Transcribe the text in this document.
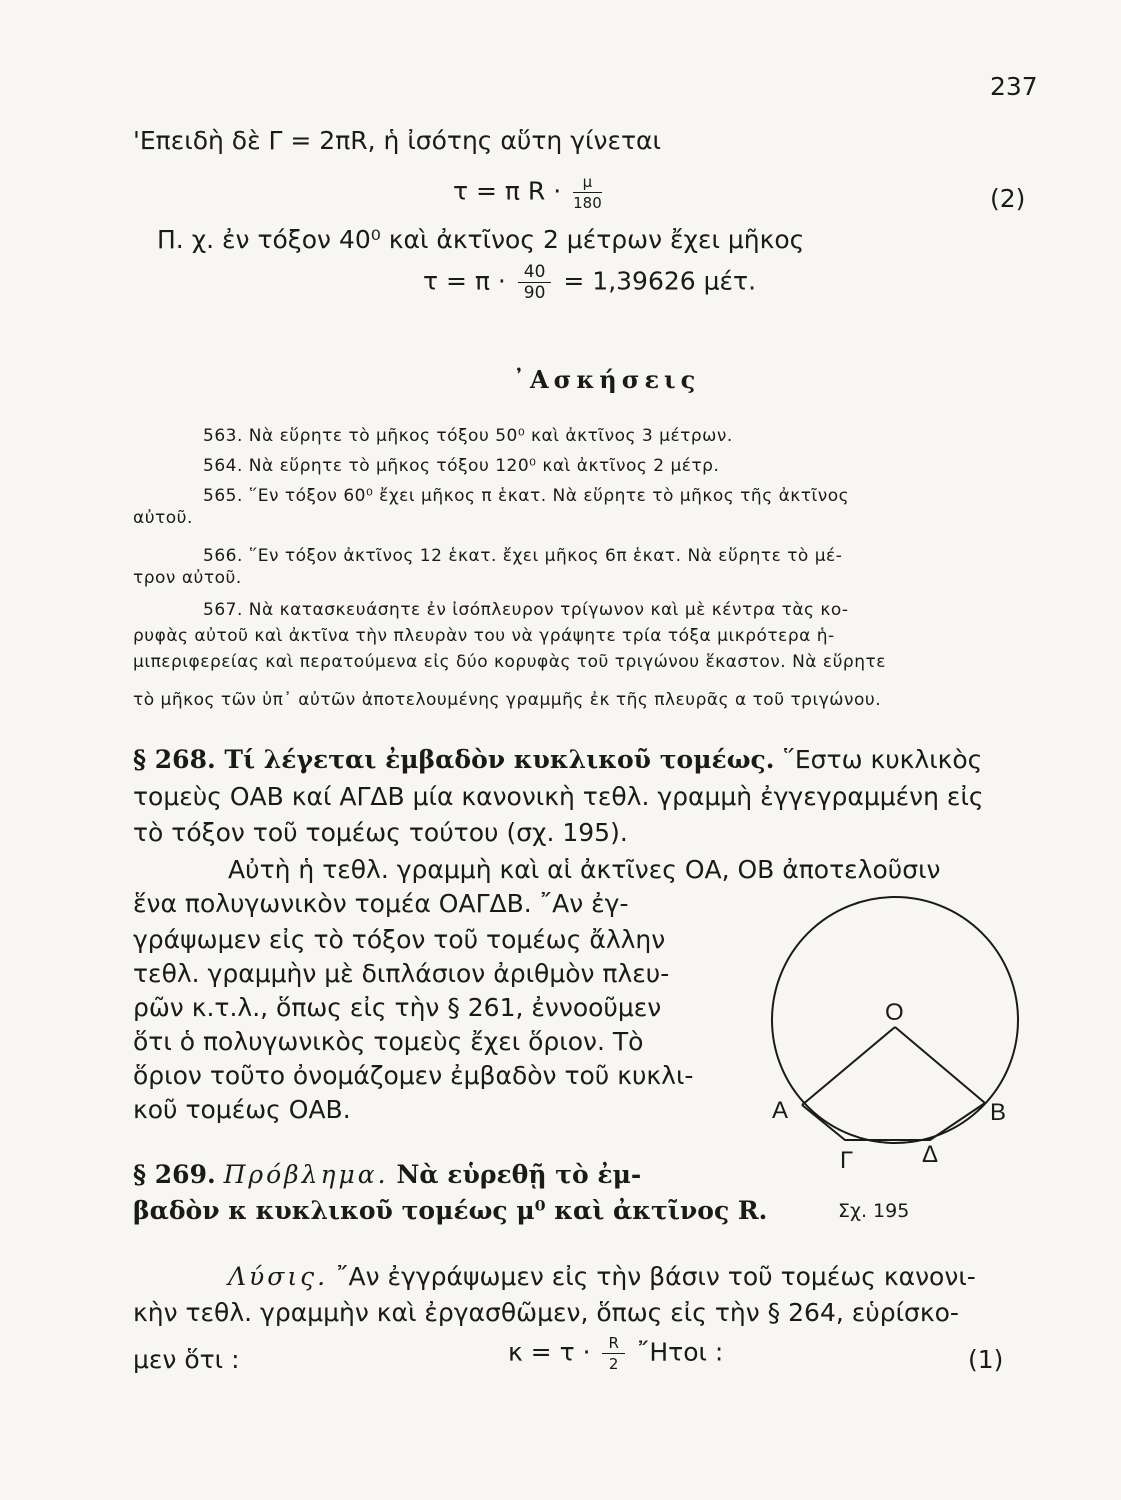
237
'Επειδὴ δὲ Γ = 2πR, ἡ ἰσότης αὕτη γίνεται
τ = π $R \cdot \frac{\mu}{180}$	(2)
Π. χ. ἐν τόξον 40⁰ καὶ ἀκτῖνος 2 μέτρων ἔχει μῆκος
$\tau = \pi \cdot \frac{40}{90} = 1,39626$ μέτ.
᾿Ασκήσεις
563. Νὰ εὕρητε τὸ μῆκος τόξου 50⁰ καὶ ἀκτῖνος 3 μέτρων.
564. Νὰ εὕρητε τὸ μῆκος τόξου 120⁰ καὶ ἀκτῖνος 2 μέτρ.
565. ῞Εν τόξον 60⁰ ἔχει μῆκος π ἑκατ. Νὰ εὕρητε τὸ μῆκος τῆς ἀκτῖνος
αὐτοῦ.
566. ῞Εν τόξον ἀκτῖνος 12 ἑκατ. ἔχει μῆκος 6π ἑκατ. Νὰ εὕρητε τὸ μέ-
τρον αὐτοῦ.
567. Νὰ κατασκευάσητε ἐν ἰσόπλευρον τρίγωνον καὶ μὲ κέντρα τὰς κο-
ρυφὰς αὐτοῦ καὶ ἀκτῖνα τὴν πλευρὰν του νὰ γράψητε τρία τόξα μικρότερα ἡ-
μιπεριφερείας καὶ περατούμενα εἰς δύο κορυφὰς τοῦ τριγώνου ἕκαστον. Νὰ εὕρητε
τὸ μῆκος τῶν ὑπ᾿ αὐτῶν ἀποτελουμένης γραμμῆς ἐκ τῆς πλευρᾶς α τοῦ τριγώνου.
§ 268. Τί λέγεται ἐμβαδὸν κυκλικοῦ τομέως. ῞Εστω κυκλικὸς
τομεὺς ΟΑΒ καί ΑΓΔΒ μία κανονικὴ τεθλ. γραμμὴ ἐγγεγραμμένη εἰς
τὸ τόξον τοῦ τομέως τούτου (σχ. 195).
Αὐτὴ ἡ τεθλ. γραμμὴ καὶ αἱ ἀκτῖνες ΟΑ, ΟΒ ἀποτελοῦσιν
ἕνα πολυγωνικὸν τομέα ΟΑΓΔΒ. ῎Αν ἐγ-
γράψωμεν εἰς τὸ τόξον τοῦ τομέως ἄλλην
τεθλ. γραμμὴν μὲ διπλάσιον ἀριθμὸν πλευ-
ρῶν κ.τ.λ., ὅπως εἰς τὴν § 261, ἐννοοῦμεν
ὅτι ὁ πολυγωνικὸς τομεὺς ἔχει ὅριον. Τὸ
ὅριον τοῦτο ὀνομάζομεν ἐμβαδὸν τοῦ κυκλι-
κοῦ τομέως ΟΑΒ.
O
A	B
Γ	Δ
Σχ. 195
§ 269. Πρόβλημα. Νὰ εὑρεθῇ τὸ ἐμ-
βαδὸν κ κυκλικοῦ τομέως μ⁰ καὶ ἀκτῖνος R.
Λύσις. ῎Αν ἐγγράψωμεν εἰς τὴν βάσιν τοῦ τομέως κανονι-
κὴν τεθλ. γραμμὴν καὶ ἐργασθῶμεν, ὅπως εἰς τὴν § 264, εὑρίσκο-
μεν ὅτι :	$\kappa = \tau \cdot \frac{R}{2}$ ῎Ητοι :	(1)
